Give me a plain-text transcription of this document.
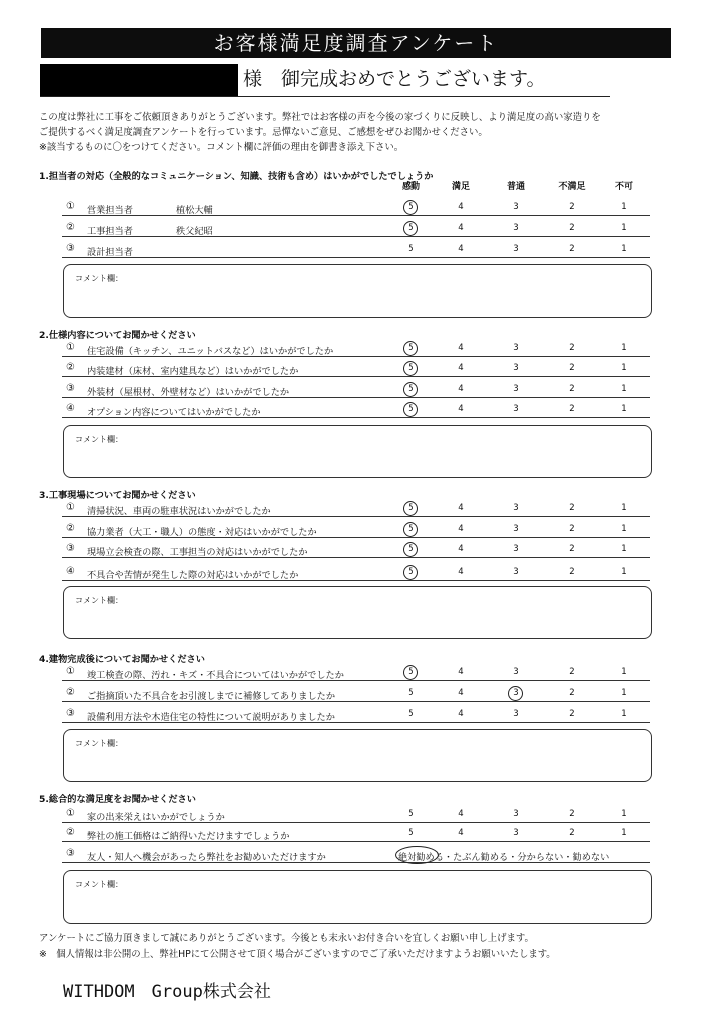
お客様満足度調査アンケート
様　御完成おめでとうございます。
この度は弊社に工事をご依頼頂きありがとうございます。弊社ではお客様の声を今後の家づくりに反映し、より満足度の高い家造りを
ご提供するべく満足度調査アンケートを行っています。忌憚ないご意見、ご感想をぜひお聞かせください。
※該当するものに〇をつけてください。コメント欄に評価の理由を御書き添え下さい。
1.担当者の対応（全般的なコミュニケーション、知識、技術も含め）はいかがでしたでしょうか
感動	満足	普通	不満足	不可
① 営業担当者	植松大輔	5	4	3	2	1
② 工事担当者	秩父紀昭	5	4	3	2	1
③ 設計担当者	5	4	3	2	1
コメント欄：
2.仕様内容についてお聞かせください
① 住宅設備（キッチン、ユニットバスなど）はいかがでしたか	5	4	3	2	1
② 内装建材（床材、室内建具など）はいかがでしたか	5	4	3	2	1
③ 外装材（屋根材、外壁材など）はいかがでしたか	5	4	3	2	1
④ オプション内容についてはいかがでしたか	5	4	3	2	1
コメント欄：
3.工事現場についてお聞かせください
① 清掃状況、車両の駐車状況はいかがでしたか	5	4	3	2	1
② 協力業者（大工・職人）の態度・対応はいかがでしたか	5	4	3	2	1
③ 現場立会検査の際、工事担当の対応はいかがでしたか	5	4	3	2	1
④ 不具合や苦情が発生した際の対応はいかがでしたか	5	4	3	2	1
コメント欄：
4.建物完成後についてお聞かせください
① 竣工検査の際、汚れ・キズ・不具合についてはいかがでしたか	5	4	3	2	1
② ご指摘頂いた不具合をお引渡しまでに補修してありましたか	5	4	3	2	1
③ 設備利用方法や木造住宅の特性について説明がありましたか	5	4	3	2	1
コメント欄：
5.総合的な満足度をお聞かせください
① 家の出来栄えはいかがでしょうか	5	4	3	2	1
② 弊社の施工価格はご納得いただけますでしょうか	5	4	3	2	1
③ 友人・知人へ機会があったら弊社をお勧めいただけますか	絶対勧める・たぶん勧める・分からない・勧めない
コメント欄：
アンケートにご協力頂きまして誠にありがとうございます。今後とも末永いお付き合いを宜しくお願い申し上げます。
※　個人情報は非公開の上、弊社HPにて公開させて頂く場合がございますのでご了承いただけますようお願いいたします。
WITHDOM　Group株式会社
